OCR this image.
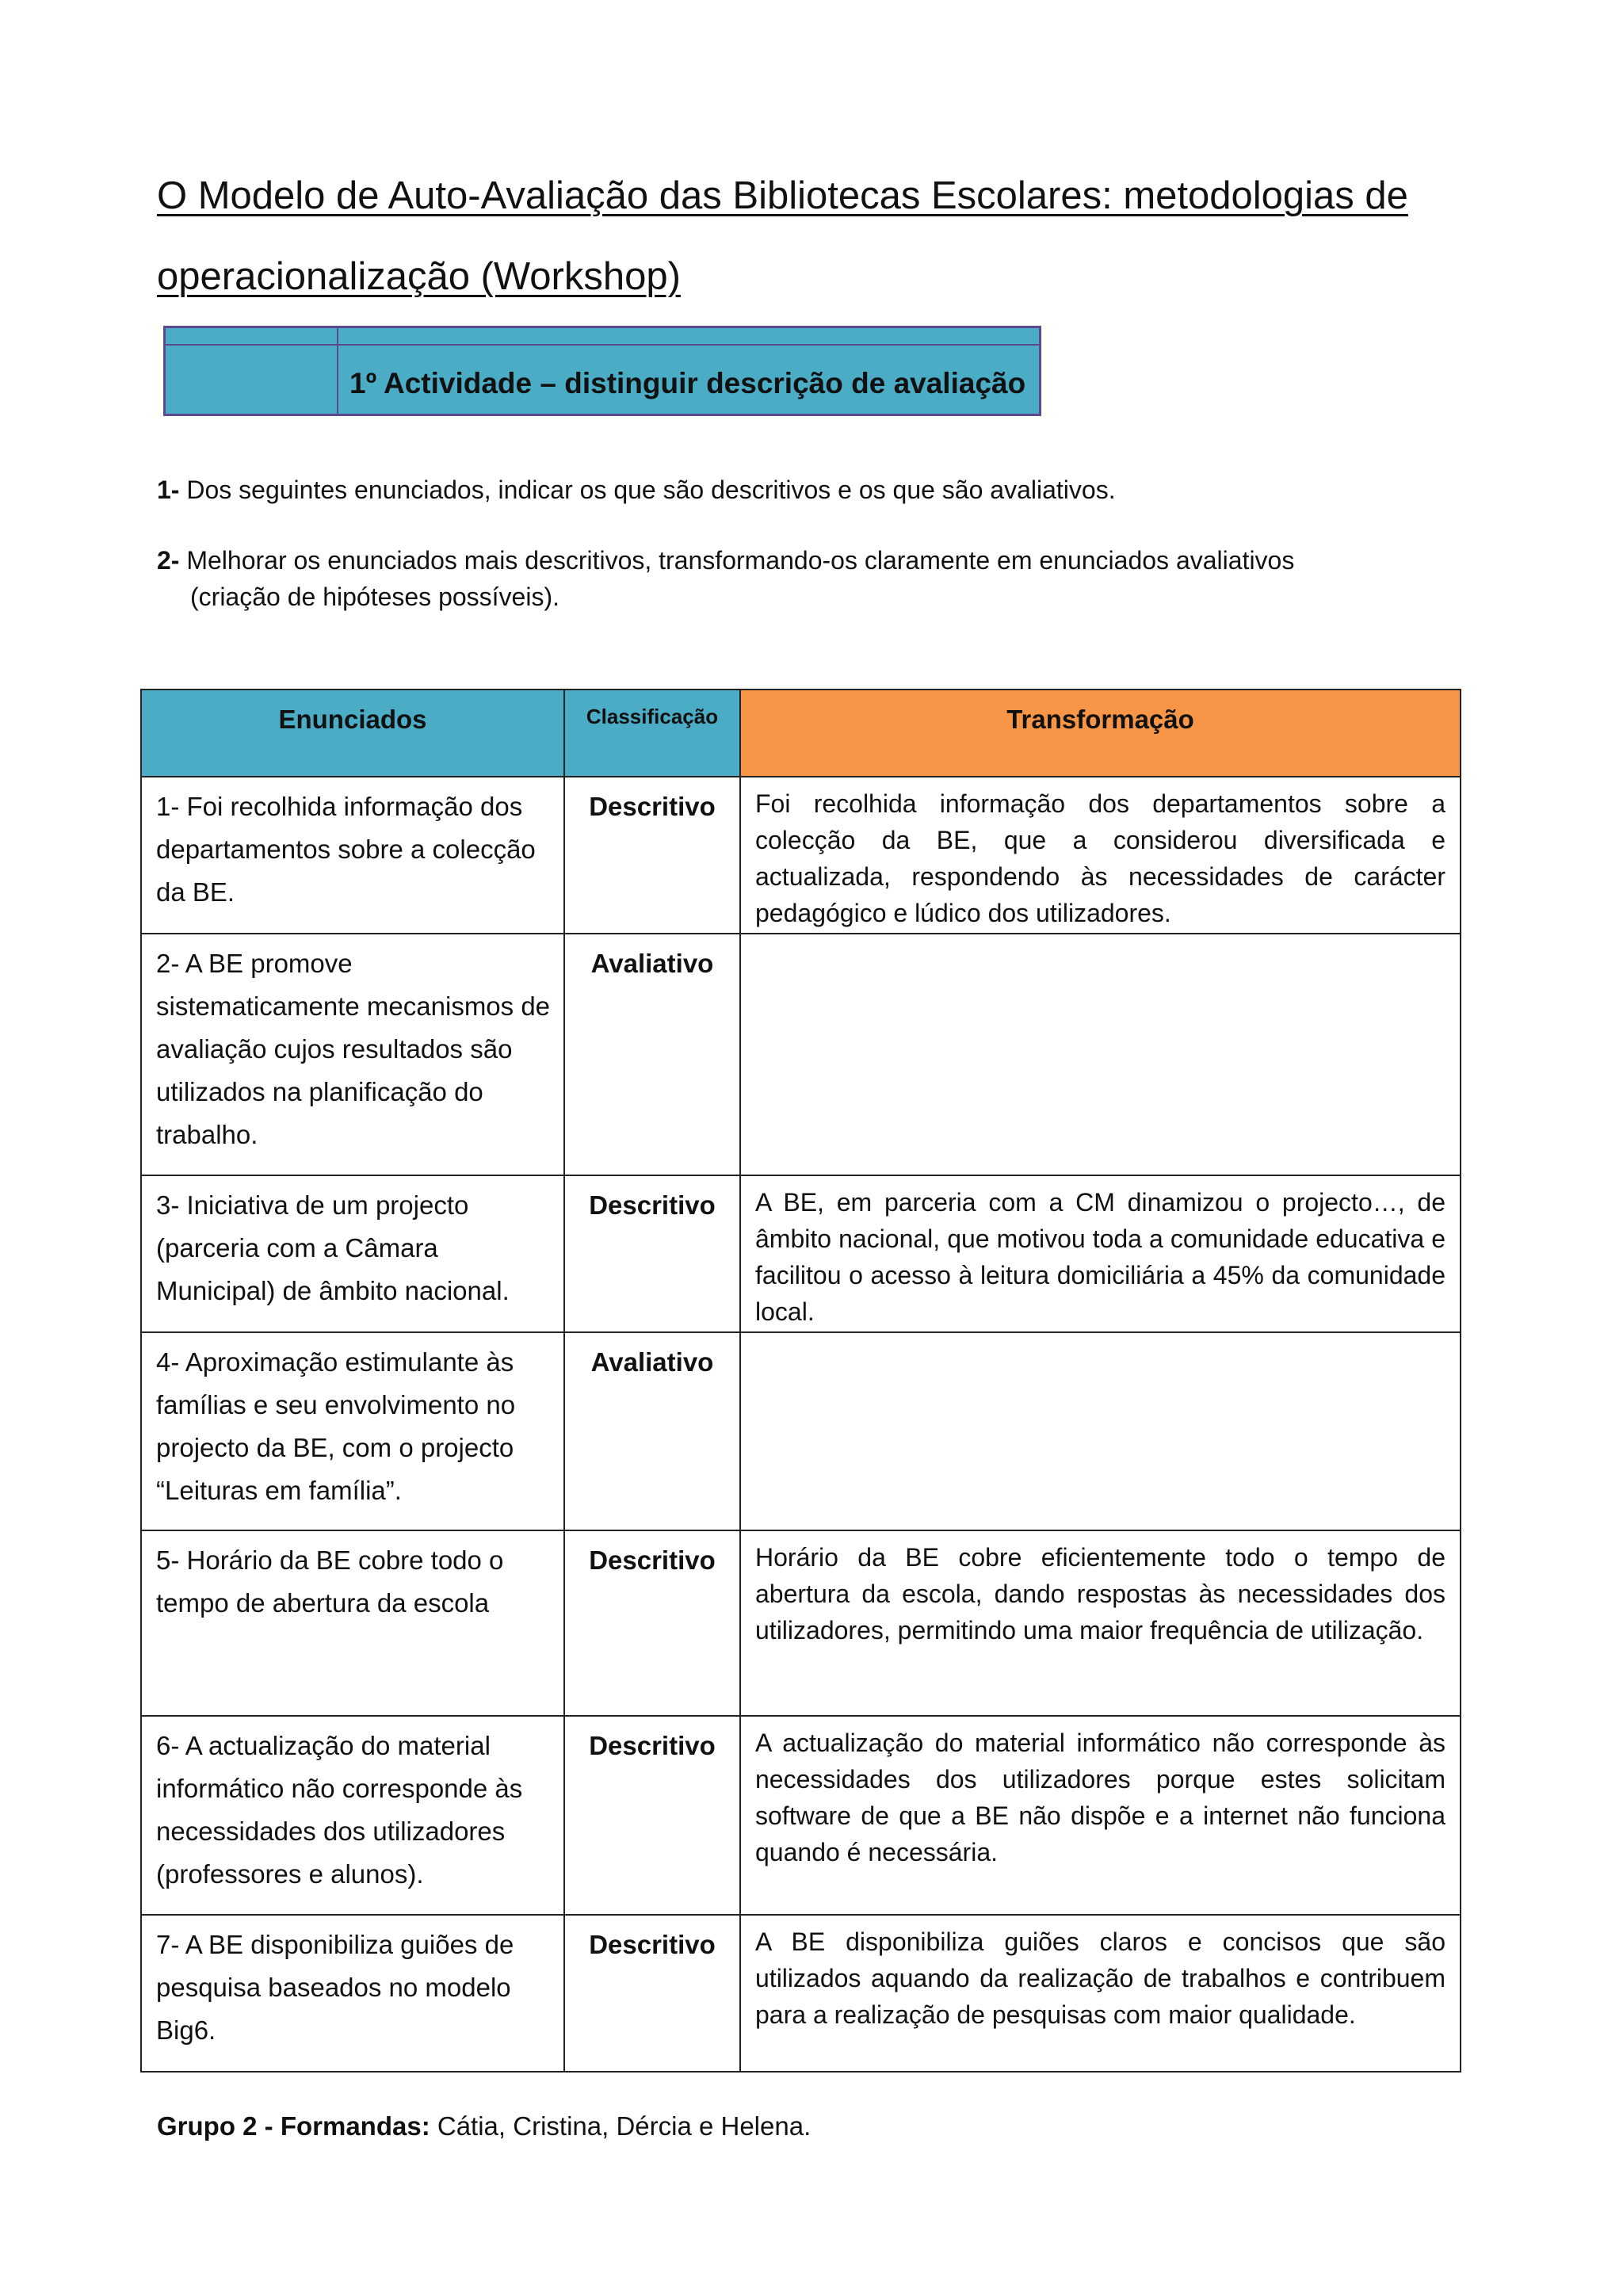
O Modelo de Auto-Avaliação das Bibliotecas Escolares: metodologias de operacionalização (Workshop)
1º Actividade – distinguir descrição de avaliação

1- Dos seguintes enunciados, indicar os que são descritivos e os que são avaliativos.

2- Melhorar os enunciados mais descritivos, transformando-os claramente em enunciados avaliativos
(criação de hipóteses possíveis).

Enunciados	Classificação	Transformação
1- Foi recolhida informação dos departamentos sobre a colecção da BE.	Descritivo	Foi recolhida informação dos departamentos sobre a colecção da BE, que a considerou diversificada e actualizada, respondendo às necessidades de carácter pedagógico e lúdico dos utilizadores.
2- A BE promove sistematicamente mecanismos de avaliação cujos resultados são utilizados na planificação do trabalho.	Avaliativo	
3- Iniciativa de um projecto (parceria com a Câmara Municipal) de âmbito nacional.	Descritivo	A BE, em parceria com a CM dinamizou o projecto…, de âmbito nacional, que motivou toda a comunidade educativa e facilitou o acesso à leitura domiciliária a 45% da comunidade local.
4- Aproximação estimulante às famílias e seu envolvimento no projecto da BE, com o projecto “Leituras em família”.	Avaliativo	
5- Horário da BE cobre todo o tempo de abertura da escola	Descritivo	Horário da BE cobre eficientemente todo o tempo de abertura da escola, dando respostas às necessidades dos utilizadores, permitindo uma maior frequência de utilização.
6- A actualização do material informático não corresponde às necessidades dos utilizadores (professores e alunos).	Descritivo	A actualização do material informático não corresponde às necessidades dos utilizadores porque estes solicitam software de que a BE não dispõe e a internet não funciona quando é necessária.
7- A BE disponibiliza guiões de pesquisa baseados no modelo Big6.	Descritivo	A BE disponibiliza guiões claros e concisos que são utilizados aquando da realização de trabalhos e contribuem para a realização de pesquisas com maior qualidade.

Grupo 2 - Formandas: Cátia, Cristina, Dércia e Helena.
